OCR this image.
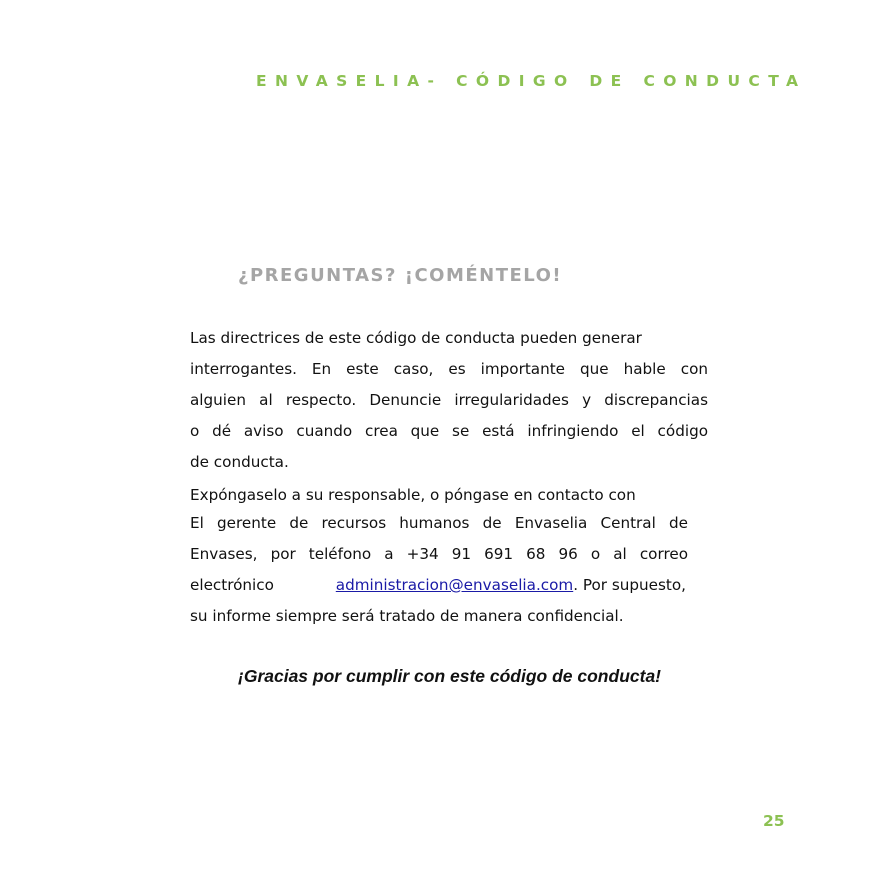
ENVASELIA- CÓDIGO DE CONDUCTA
¿PREGUNTAS? ¡COMÉNTELO!
Las directrices de este código de conducta pueden generar
interrogantes. En este caso, es importante que hable con
alguien al respecto. Denuncie irregularidades y discrepancias
o dé aviso cuando crea que se está infringiendo el código
de conducta.
Expóngaselo a su responsable, o póngase en contacto con
El gerente de recursos humanos de Envaselia Central de
Envases, por teléfono a +34 91 691 68 96 o al correo
electrónico	administracion@envaselia.com. Por supuesto,
su informe siempre será tratado de manera confidencial.
¡Gracias por cumplir con este código de conducta!
25
